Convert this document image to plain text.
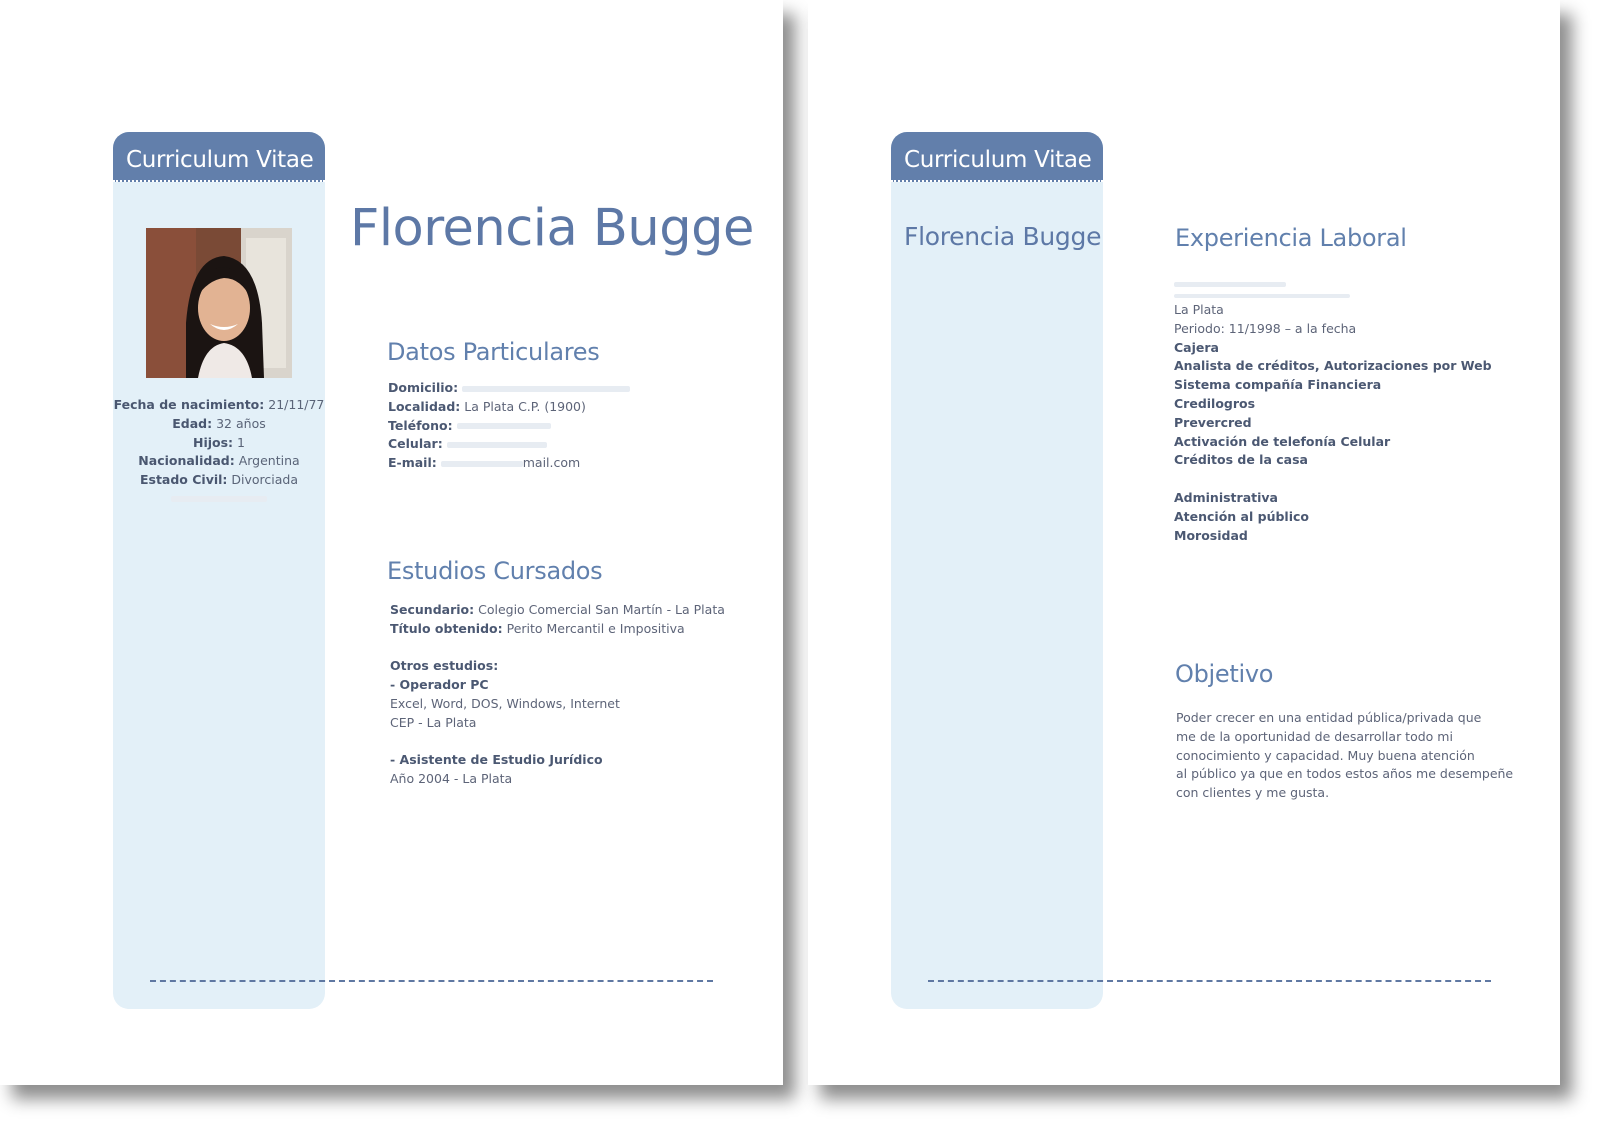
Curriculum Vitae
Fecha de nacimiento: 21/11/77
Edad: 32 años
Hijos: 1
Nacionalidad: Argentina
Estado Civil: Divorciada
Florencia Bugge
Datos Particulares
Domicilio:
Localidad: La Plata C.P. (1900)
Teléfono:
Celular:
E-mail:	mail.com
Estudios Cursados
Secundario: Colegio Comercial San Martín - La Plata
Título obtenido: Perito Mercantil e Impositiva
Otros estudios:
- Operador PC
Excel, Word, DOS, Windows, Internet
CEP - La Plata
- Asistente de Estudio Jurídico
Año 2004 - La Plata
Curriculum Vitae
Florencia Bugge	Experiencia Laboral
La Plata
Periodo: 11/1998 – a la fecha
Cajera
Analista de créditos, Autorizaciones por Web
Sistema compañía Financiera
Credilogros
Prevercred
Activación de telefonía Celular
Créditos de la casa
Administrativa
Atención al público
Morosidad
Objetivo
Poder crecer en una entidad pública/privada que
me de la oportunidad de desarrollar todo mi
conocimiento y capacidad. Muy buena atención
al público ya que en todos estos años me desempeñe
con clientes y me gusta.
